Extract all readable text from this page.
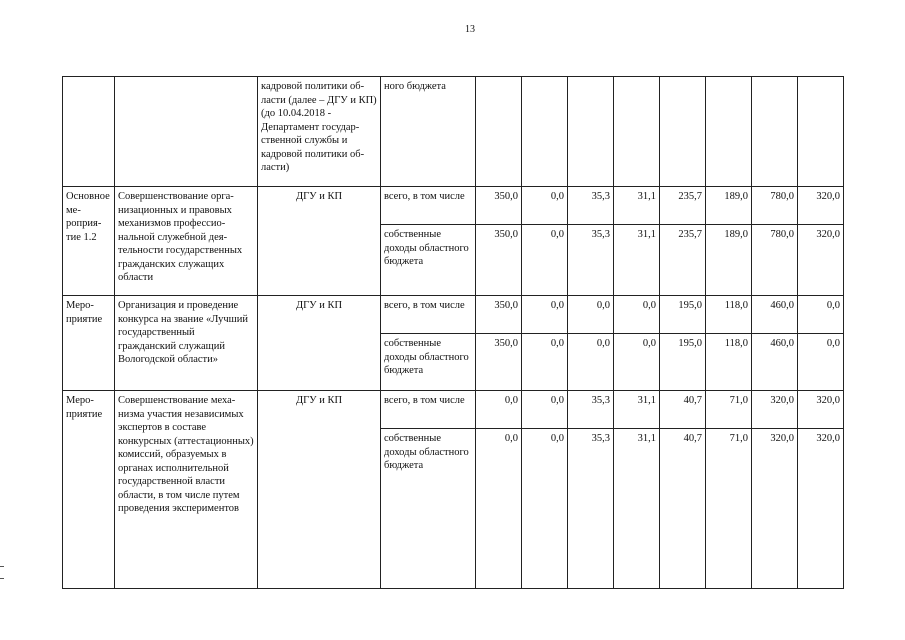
13
		кадровой политики области (далее – ДГУ и КП) (до 10.04.2018 - Департамент государственной службы и кадровой политики области)	ного бюджета								
Основное мероприятие 1.2	Совершенствование организационных и правовых механизмов профессиональной служебной деятельности государственных гражданских служащих области	ДГУ и КП	всего, в том числе	350,0	0,0	35,3	31,1	235,7	189,0	780,0	320,0
			собственные доходы областного бюджета	350,0	0,0	35,3	31,1	235,7	189,0	780,0	320,0
Мероприятие	Организация и проведение конкурса на звание «Лучший государственный гражданский служащий Вологодской области»	ДГУ и КП	всего, в том числе	350,0	0,0	0,0	0,0	195,0	118,0	460,0	0,0
			собственные доходы областного бюджета	350,0	0,0	0,0	0,0	195,0	118,0	460,0	0,0
Мероприятие	Совершенствование механизма участия независимых экспертов в составе конкурсных (аттестационных) комиссий, образуемых в органах исполнительной государственной власти области, в том числе путем проведения экспериментов	ДГУ и КП	всего, в том числе	0,0	0,0	35,3	31,1	40,7	71,0	320,0	320,0
			собственные доходы областного бюджета	0,0	0,0	35,3	31,1	40,7	71,0	320,0	320,0
